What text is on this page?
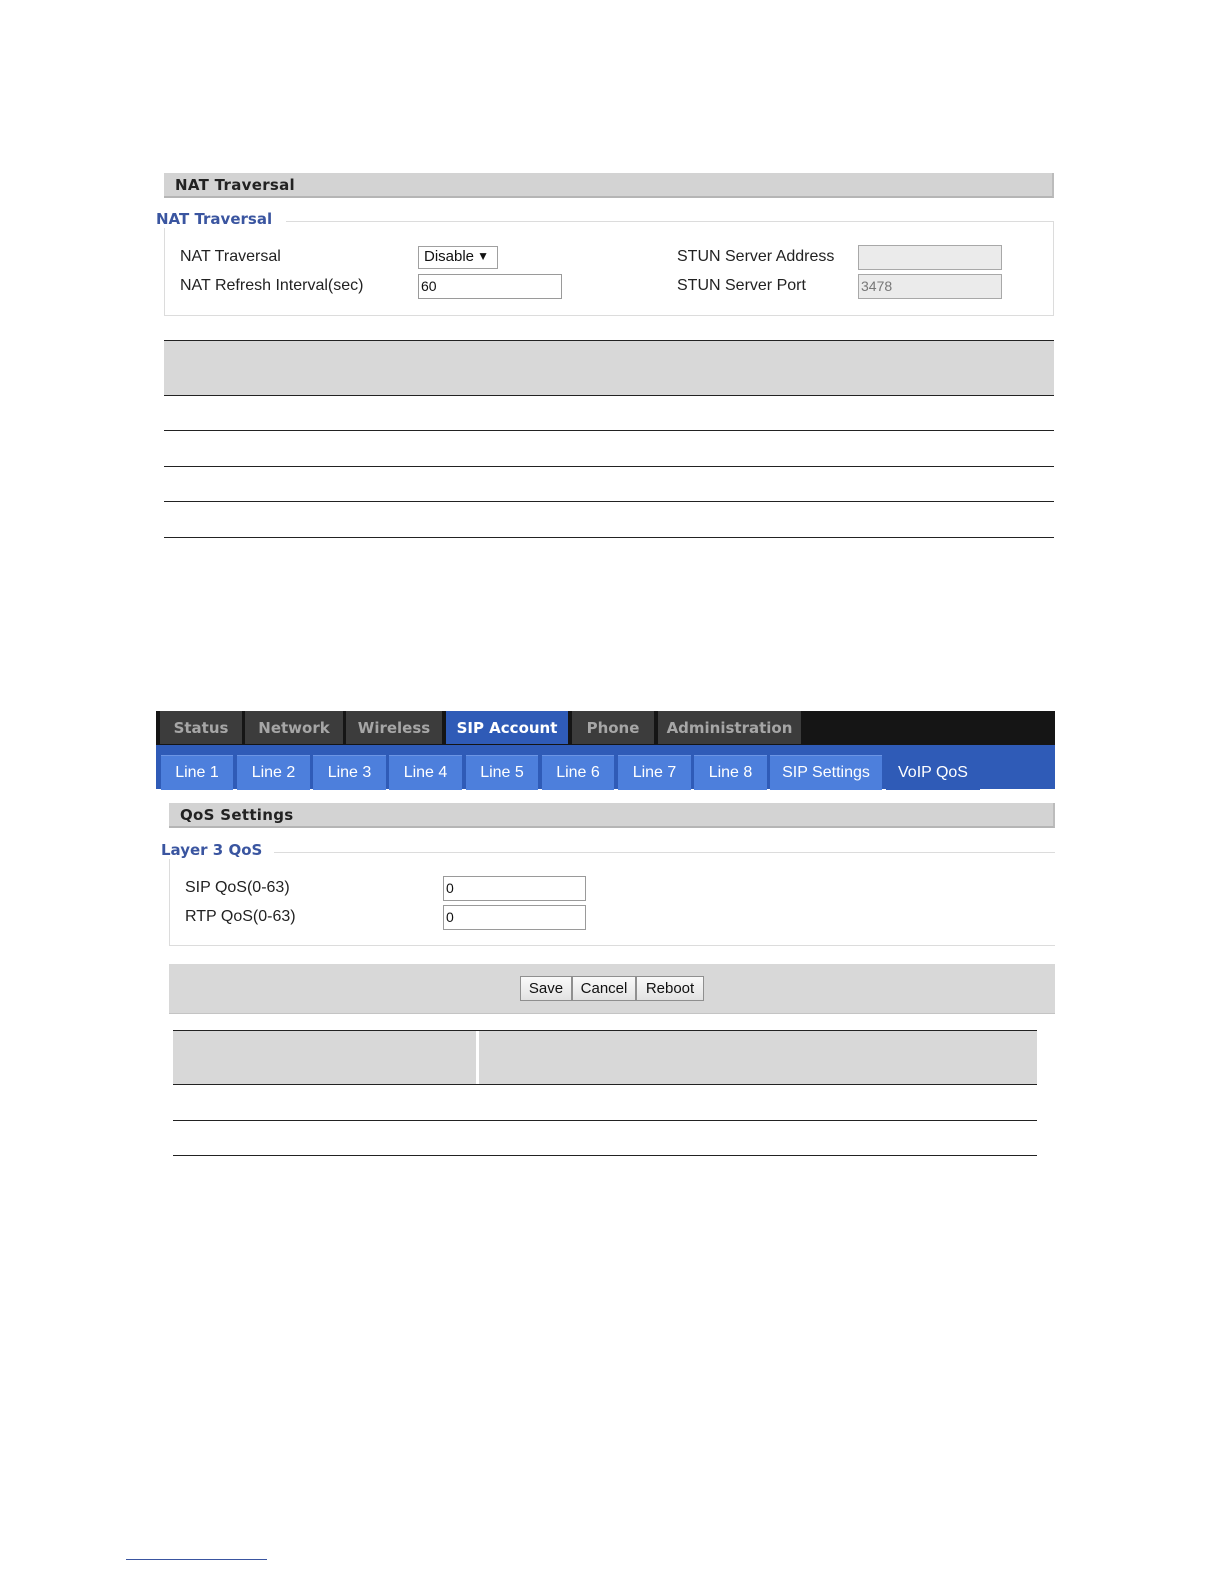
NAT Traversal
NAT Traversal
NAT Traversal	Disable ▼
NAT Refresh Interval(sec)	60
STUN Server Address
STUN Server Port	3478
Status	Network	Wireless	SIP Account	Phone	Administration
Line 1	Line 2	Line 3	Line 4	Line 5	Line 6	Line 7	Line 8	SIP Settings	VoIP QoS
QoS Settings
Layer 3 QoS
SIP QoS(0-63)	0
RTP QoS(0-63)	0
Save	Cancel	Reboot
